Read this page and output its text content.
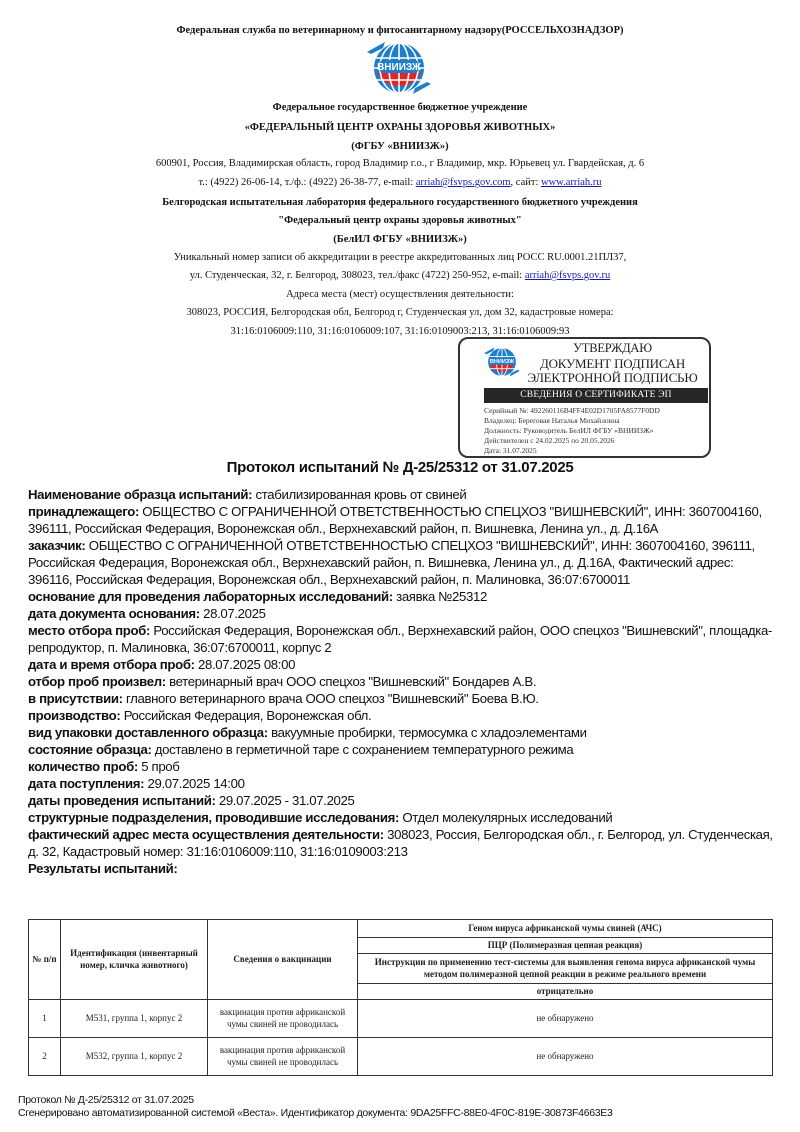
Федеральная служба по ветеринарному и фитосанитарному надзору(РОССЕЛЬХОЗНАДЗОР)
ВНИИЗЖ
Федеральное государственное бюджетное учреждение
«ФЕДЕРАЛЬНЫЙ ЦЕНТР ОХРАНЫ ЗДОРОВЬЯ ЖИВОТНЫХ»
(ФГБУ «ВНИИЗЖ»)
600901, Россия, Владимирская область, город Владимир г.о., г Владимир, мкр. Юрьевец ул. Гвардейская, д. 6
т.: (4922) 26-06-14, т./ф.: (4922) 26-38-77, e-mail: arriah@fsvps.gov.com, сайт: www.arriah.ru
Белгородская испытательная лаборатория федерального государственного бюджетного учреждения
"Федеральный центр охраны здоровья животных"
(БелИЛ ФГБУ «ВНИИЗЖ»)
Уникальный номер записи об аккредитации в реестре аккредитованных лиц РОСС RU.0001.21ПЛ37,
ул. Студенческая, 32, г. Белгород, 308023, тел./факс (4722) 250-952, e-mail: arriah@fsvps.gov.ru
Адреса места (мест) осуществления деятельности:
308023, РОССИЯ, Белгородская обл, Белгород г, Студенческая ул, дом 32, кадастровые номера:
31:16:0106009:110, 31:16:0106009:107, 31:16:0109003:213, 31:16:0106009:93
ВНИИЗЖ
УТВЕРЖДАЮ
ДОКУМЕНТ ПОДПИСАН
ЭЛЕКТРОННОЙ ПОДПИСЬЮ
СВЕДЕНИЯ О СЕРТИФИКАТЕ ЭП
Серийный №: 492260116B4FF4E02D1705FA8577F0DD
Владелец: Береговая Наталья Михайловна
Должность: Руководитель БелИЛ ФГБУ «ВНИИЗЖ»
Действителен с 24.02.2025 по 20.05.2026
Дата: 31.07.2025
Протокол испытаний № Д-25/25312 от 31.07.2025

Наименование образца испытаний: стабилизированная кровь от свиней

принадлежащего: ОБЩЕСТВО С ОГРАНИЧЕННОЙ ОТВЕТСТВЕННОСТЬЮ СПЕЦХОЗ "ВИШНЕВСКИЙ", ИНН: 3607004160, 396111, Российская Федерация, Воронежская обл., Верхнехавский район, п. Вишневка, Ленина ул., д. Д.16А

заказчик: ОБЩЕСТВО С ОГРАНИЧЕННОЙ ОТВЕТСТВЕННОСТЬЮ СПЕЦХОЗ "ВИШНЕВСКИЙ", ИНН: 3607004160, 396111, Российская Федерация, Воронежская обл., Верхнехавский район, п. Вишневка, Ленина ул., д. Д.16А, Фактический адрес: 396116, Российская Федерация, Воронежская обл., Верхнехавский район, п. Малиновка, 36:07:6700011

основание для проведения лабораторных исследований: заявка №25312

дата документа основания: 28.07.2025

место отбора проб: Российская Федерация, Воронежская обл., Верхнехавский район, ООО спецхоз "Вишневский", площадка-репродуктор, п. Малиновка, 36:07:6700011, корпус 2

дата и время отбора проб: 28.07.2025 08:00

отбор проб произвел: ветеринарный врач ООО спецхоз "Вишневский" Бондарев А.В.

в присутствии: главного ветеринарного врача ООО спецхоз "Вишневский" Боева В.Ю.

производство: Российская Федерация, Воронежская обл.

вид упаковки доставленного образца: вакуумные пробирки, термосумка с хладоэлементами

состояние образца: доставлено в герметичной таре с сохранением температурного режима

количество проб: 5 проб

дата поступления: 29.07.2025 14:00

даты проведения испытаний: 29.07.2025 - 31.07.2025

структурные подразделения, проводившие исследования: Отдел молекулярных исследований

фактический адрес места осуществления деятельности: 308023, Россия, Белгородская обл., г. Белгород, ул. Студенческая, д. 32, Кадастровый номер: 31:16:0106009:110, 31:16:0109003:213

Результаты испытаний:

№ п/п	Идентификация (инвентарный номер, кличка животного)	Сведения о вакцинации	Геном вируса африканской чумы свиней (АЧС)
			ПЦР (Полимеразная цепная реакция)
			Инструкции по применению тест-системы для выявления генома вируса африканской чумы методом полимеразной цепной реакции в режиме реального времени
			отрицательно
1	М531, группа 1, корпус 2	вакцинация против африканской чумы свиней не проводилась	не обнаружено
2	М532, группа 1, корпус 2	вакцинация против африканской чумы свиней не проводилась	не обнаружено
Протокол № Д-25/25312 от 31.07.2025
Сгенерировано автоматизированной системой «Веста». Идентификатор документа: 9DA25FFC-88E0-4F0C-819E-30873F4663E3
